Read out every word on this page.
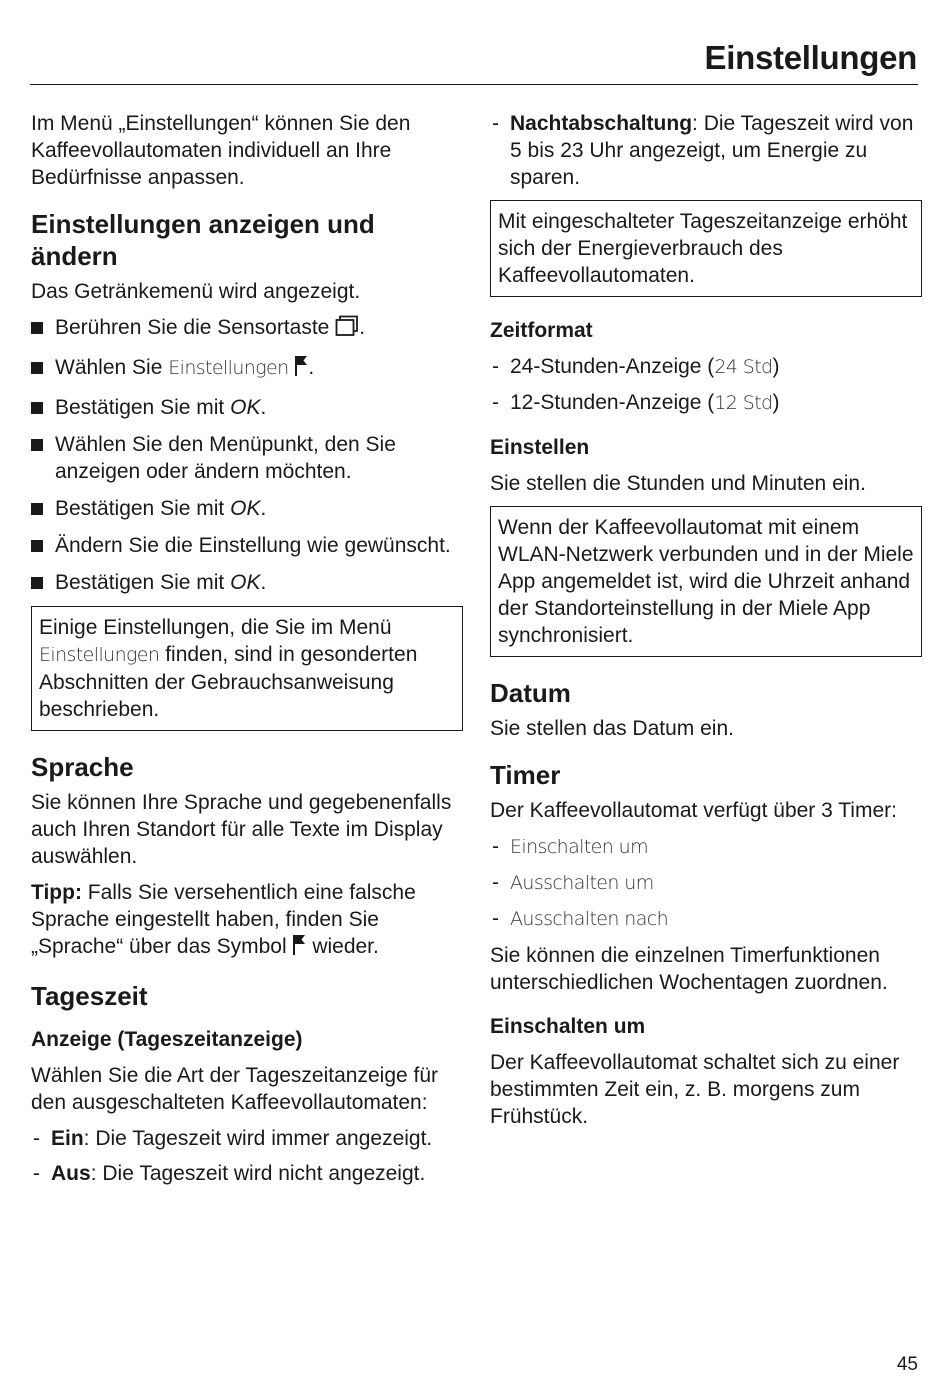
Einstellungen

Im Menü „Einstellungen“ können Sie den Kaffeevollautomaten individuell an Ihre Bedürfnisse anpassen.

Einstellungen anzeigen und ändern

Das Getränkemenü wird angezeigt.

Berühren Sie die Sensortaste .
Wählen Sie Einstellungen .
Bestätigen Sie mit OK.
Wählen Sie den Menüpunkt, den Sie anzeigen oder ändern möchten.
Bestätigen Sie mit OK.
Ändern Sie die Einstellung wie gewünscht.
Bestätigen Sie mit OK.
Einige Einstellungen, die Sie im Menü Einstellungen finden, sind in gesonderten Abschnitten der Gebrauchsanweisung beschrieben.
Sprache

Sie können Ihre Sprache und gegebenenfalls auch Ihren Standort für alle Texte im Display auswählen.

Tipp: Falls Sie versehentlich eine falsche Sprache eingestellt haben, finden Sie „Sprache“ über das Symbol wieder.

Tageszeit
Anzeige (Tageszeitanzeige)

Wählen Sie die Art der Tageszeitanzeige für den ausgeschalteten Kaffeevollautomaten:

- Ein: Die Tageszeit wird immer angezeigt.
- Aus: Die Tageszeit wird nicht angezeigt.
- Nachtabschaltung: Die Tageszeit wird von 5 bis 23 Uhr angezeigt, um Energie zu sparen.
Mit eingeschalteter Tageszeitanzeige erhöht sich der Energieverbrauch des Kaffeevollautomaten.
Zeitformat
- 24-Stunden-Anzeige (24 Std)
- 12-Stunden-Anzeige (12 Std)
Einstellen

Sie stellen die Stunden und Minuten ein.

Wenn der Kaffeevollautomat mit einem WLAN-Netzwerk verbunden und in der Miele App angemeldet ist, wird die Uhrzeit anhand der Standorteinstellung in der Miele App synchronisiert.
Datum

Sie stellen das Datum ein.

Timer

Der Kaffeevollautomat verfügt über 3 Timer:

- Einschalten um
- Ausschalten um
- Ausschalten nach

Sie können die einzelnen Timerfunktionen unterschiedlichen Wochentagen zuordnen.

Einschalten um

Der Kaffeevollautomat schaltet sich zu einer bestimmten Zeit ein, z. B. morgens zum Frühstück.

45
